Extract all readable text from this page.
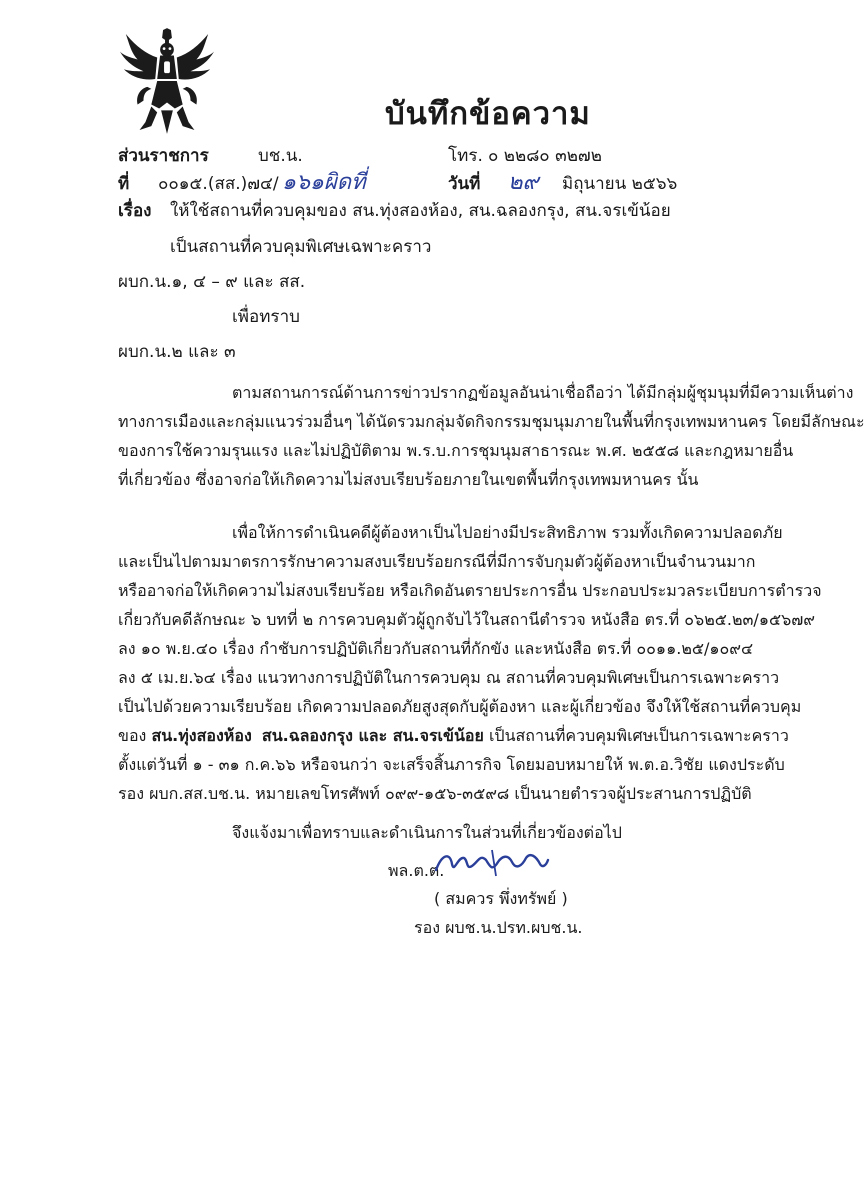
บันทึกข้อความ
ส่วนราชการ	บช.น.	โทร. ๐ ๒๒๘๐ ๓๒๗๒
ที่ ๐๐๑๕.(สส.)๗๔/ ๑๖๑ผิดที่	วันที่ ๒๙ มิถุนายน ๒๕๖๖
เรื่อง ให้ใช้สถานที่ควบคุมของ สน.ทุ่งสองห้อง, สน.ฉลองกรุง, สน.จรเข้น้อย
เป็นสถานที่ควบคุมพิเศษเฉพาะคราว
ผบก.น.๑, ๔ – ๙ และ สส.
เพื่อทราบ
ผบก.น.๒ และ ๓
ตามสถานการณ์ด้านการข่าวปรากฏข้อมูลอันน่าเชื่อถือว่า ได้มีกลุ่มผู้ชุมนุมที่มีความเห็นต่าง
ทางการเมืองและกลุ่มแนวร่วมอื่นๆ ได้นัดรวมกลุ่มจัดกิจกรรมชุมนุมภายในพื้นที่กรุงเทพมหานคร โดยมีลักษณะ
ของการใช้ความรุนแรง และไม่ปฏิบัติตาม พ.ร.บ.การชุมนุมสาธารณะ พ.ศ. ๒๕๕๘ และกฎหมายอื่น
ที่เกี่ยวข้อง ซึ่งอาจก่อให้เกิดความไม่สงบเรียบร้อยภายในเขตพื้นที่กรุงเทพมหานคร นั้น
เพื่อให้การดำเนินคดีผู้ต้องหาเป็นไปอย่างมีประสิทธิภาพ รวมทั้งเกิดความปลอดภัย
และเป็นไปตามมาตรการรักษาความสงบเรียบร้อยกรณีที่มีการจับกุมตัวผู้ต้องหาเป็นจำนวนมาก
หรืออาจก่อให้เกิดความไม่สงบเรียบร้อย หรือเกิดอันตรายประการอื่น ประกอบประมวลระเบียบการตำรวจ
เกี่ยวกับคดีลักษณะ ๖ บทที่ ๒ การควบคุมตัวผู้ถูกจับไว้ในสถานีตำรวจ หนังสือ ตร.ที่ ๐๖๒๕.๒๓/๑๕๖๗๙
ลง ๑๐ พ.ย.๔๐ เรื่อง กำชับการปฏิบัติเกี่ยวกับสถานที่กักขัง และหนังสือ ตร.ที่ ๐๐๑๑.๒๕/๑๐๙๔
ลง ๕ เม.ย.๖๔ เรื่อง แนวทางการปฏิบัติในการควบคุม ณ สถานที่ควบคุมพิเศษเป็นการเฉพาะคราว
เป็นไปด้วยความเรียบร้อย เกิดความปลอดภัยสูงสุดกับผู้ต้องหา และผู้เกี่ยวข้อง จึงให้ใช้สถานที่ควบคุม
ของ สน.ทุ่งสองห้อง สน.ฉลองกรุง และ สน.จรเข้น้อย เป็นสถานที่ควบคุมพิเศษเป็นการเฉพาะคราว
ตั้งแต่วันที่ ๑ - ๓๑ ก.ค.๖๖ หรือจนกว่า จะเสร็จสิ้นภารกิจ โดยมอบหมายให้ พ.ต.อ.วิชัย แดงประดับ
รอง ผบก.สส.บช.น. หมายเลขโทรศัพท์ ๐๙๙-๑๕๖-๓๕๙๘ เป็นนายตำรวจผู้ประสานการปฏิบัติ
จึงแจ้งมาเพื่อทราบและดำเนินการในส่วนที่เกี่ยวข้องต่อไป
พล.ต.ต.
( สมควร พึ่งทรัพย์ )
รอง ผบช.น.ปรท.ผบช.น.
